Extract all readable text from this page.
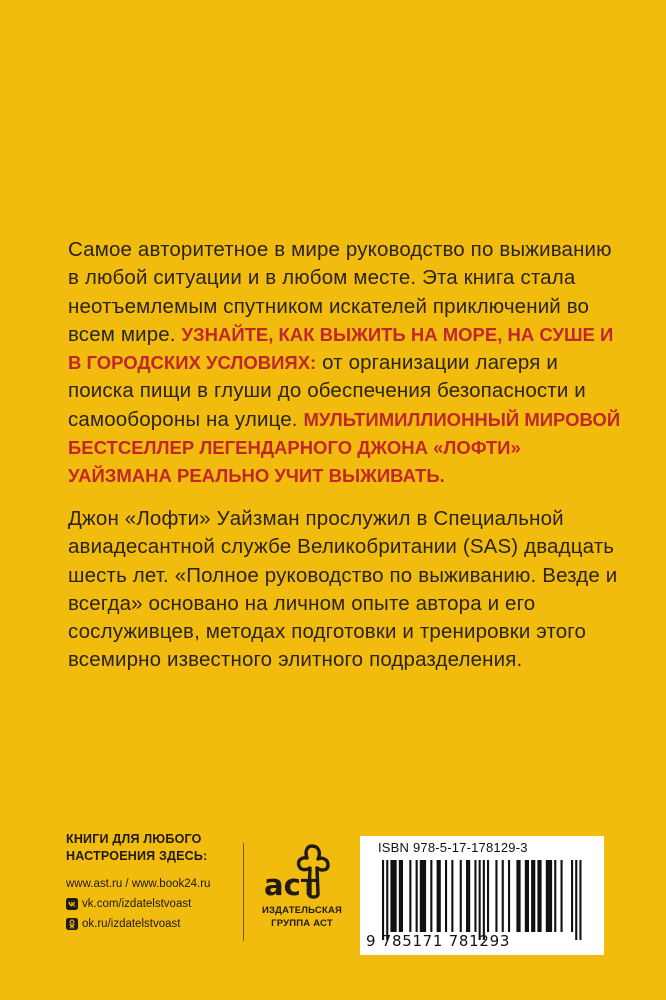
Самое авторитетное в мире руководство по выживанию в любой ситуации и в любом месте. Эта книга стала неотъемлемым спутником искателей приключений во всем мире. УЗНАЙТЕ, КАК ВЫЖИТЬ НА МОРЕ, НА СУШЕ И В ГОРОДСКИХ УСЛОВИЯХ: от организации лагеря и поиска пищи в глуши до обеспечения безопасности и самообороны на улице. МУЛЬТИМИЛЛИОННЫЙ МИРОВОЙ БЕСТСЕЛЛЕР ЛЕГЕНДАРНОГО ДЖОНА «ЛОФТИ» УАЙЗМАНА РЕАЛЬНО УЧИТ ВЫЖИВАТЬ.

Джон «Лофти» Уайзман прослужил в Специальной авиадесантной службе Великобритании (SAS) двадцать шесть лет. «Полное руководство по выживанию. Везде и всегда» основано на личном опыте автора и его сослуживцев, методах подготовки и тренировки этого всемирно известного элитного подразделения.

КНИГИ ДЛЯ ЛЮБОГО
НАСТРОЕНИЯ ЗДЕСЬ:
www.ast.ru / www.book24.ru
vk.com/izdatelstvoast
ok.ru/izdatelstvoast
аст
ИЗДАТЕЛЬСКАЯ
ГРУППА АСТ
ISBN 978-5-17-178129-3
9 785171 781293
